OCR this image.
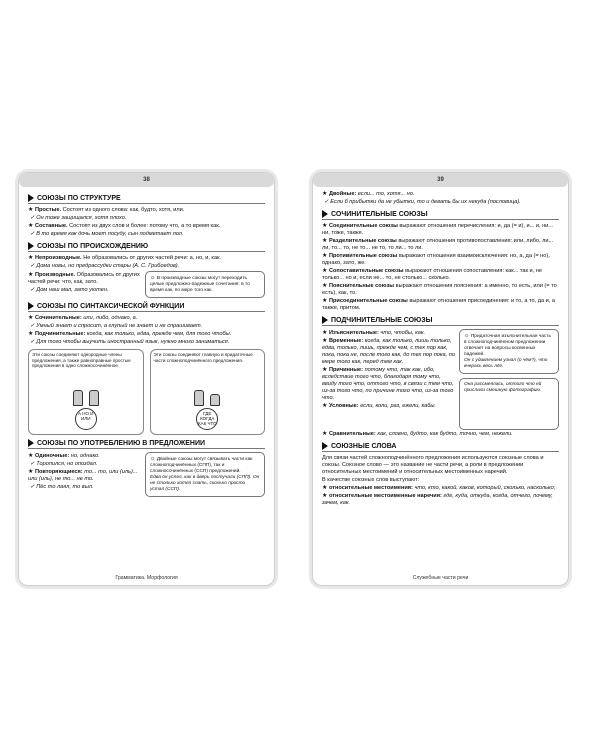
38
СОЮЗЫ ПО СТРУКТУРЕ
★ Простые. Состоят из одного слова: как, будто, хотя, или.
✓ Он тоже защищался, хотя плохо.
★ Составные. Состоят из двух слов и более: потому что, а то время как.
✓ В то время как дочь моет посуду, сын подметает пол.
СОЮЗЫ ПО ПРОИСХОЖДЕНИЮ
★ Непроизводные. Не образовались от других частей речи: а, но, и, как.
✓ Дома новы, но предрассудки стары (А. С. Грибоедов).
★ Производные. Образовались от других частей речи: что, как, зато.
✓ Дом наш мал, зато уютен.
☼ В производные союзы могут переходить целые предложно-падежные сочетания: в то время как, по мере того как.
СОЮЗЫ ПО СИНТАКСИЧЕСКОЙ ФУНКЦИИ
★ Сочинительные: или, либо, однако, а.
✓ Умный знает и спросит, а глупый не знает и не спрашивает.
★ Подчинительные: когда, как только, едва, прежде чем, для того чтобы.
✓ Для того чтобы выучить иностранный язык, нужно много заниматься.
Эти союзы соединяют однородные члены предложения, а также равноправные простые предложения в одно сложносочинённое.

А НО И ИЛИ
Эти союзы соединяют главную и придаточные части сложноподчинённого предложения.

ГДЕ КОГДА КАК ЧТО
СОЮЗЫ ПО УПОТРЕБЛЕНИЮ В ПРЕДЛОЖЕНИИ
★ Одиночные: но, однако.
✓ Торопился, но опоздал.
★ Повторяющиеся: то... то, или (иль)... или (иль), не то... не то.
✓ Пёс то лаял, то выл.
☼ Двойные союзы могут связывать части как сложноподчинённых (СПП), так и сложносочинённых (ССП) предложений.
Едва он успел, как в дверь постучали (СПП). Он не столько хотел спать, сколько просто устал (ССП).
Грамматика. Морфология
39
★ Двойные: если... то, хотя... но.
✓ Если б прибытки да не убытки, то и девать бы их некуда (пословица).
СОЧИНИТЕЛЬНЫЕ СОЮЗЫ
★ Соединительные союзы выражают отношения перечисления: и, да (= и), и... и, ни... ни, тоже, также.
★ Разделительные союзы выражают отношения противопоставления: или, либо, ли... ли, то... то, не то... не то, то ли... то ли.
★ Противительные союзы выражают отношения взаимоисключения: но, а, да (= но), однако, зато, же.
★ Сопоставительные союзы выражают отношения сопоставления: как... так и, не только... но и, если не... то, не столько... сколько.
★ Пояснительные союзы выражают отношения пояснения: а именно, то есть, или (= то есть), как, то.
★ Присоединительные союзы выражают отношения присоединения: и то, а то, да и, а также, притом.
ПОДЧИНИТЕЛЬНЫЕ СОЮЗЫ
★ Изъяснительные: что, чтобы, как.
★ Временные: когда, как только, лишь только, едва, только, лишь, прежде чем, с тех пор как, пока, пока не, после того как, до тех пор пока, по мере того как, перед тем как.
★ Причинные: потому что, так как, ибо, вследствие того что, благодаря тому что, ввиду того что, оттого что, в связи с тем что, из-за того что, по причине того что, из-за того что.
★ Условные: если, коли, раз, ежели, кабы.
☼ Придаточная изъяснительная часть в сложноподчинённом предложении отвечает на вопросы косвенных падежей.
Он с удивлением узнал (о чём?), что вчерась весь лёг.
Она рассмеялась, оттого что ей прислали смешную фотографию.
★ Сравнительные: как, словно, будто, как будто, точно, чем, нежели.
СОЮЗНЫЕ СЛОВА
Для связи частей сложноподчинённого предложения используются союзные слова и союзы. Союзное слово — это название не части речи, а роли в предложении относительных местоимений и относительных местоименных наречий.
В качестве союзных слов выступают:
★ относительные местоимения: что, кто, какой, каков, который, сколько, насколько;
★ относительные местоименные наречия: где, куда, откуда, когда, отчего, почему, зачем, как.
Служебные части речи
